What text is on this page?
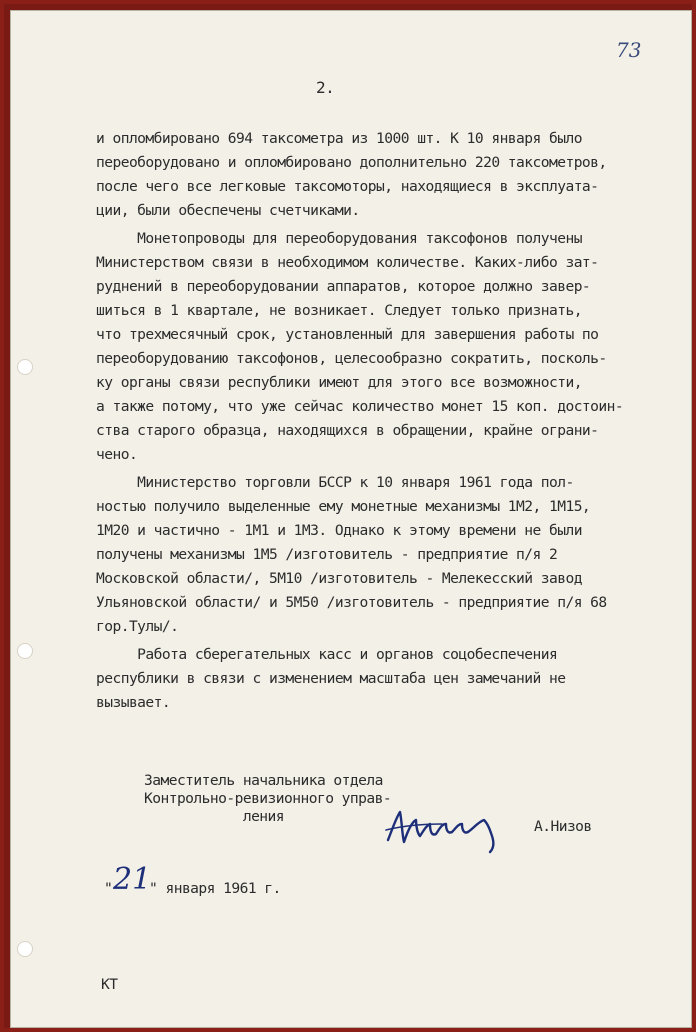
73

2.

и опломбировано 694 таксометра из 1000 шт. К 10 января было

переоборудовано и опломбировано дополнительно 220 таксометров,

после чего все легковые таксомоторы, находящиеся в эксплуата-

ции, были обеспечены счетчиками.

Монетопроводы для переоборудования таксофонов получены

Министерством связи в необходимом количестве. Каких-либо зат-

руднений в переоборудовании аппаратов, которое должно завер-

шиться в 1 квартале, не возникает. Следует только признать,

что трехмесячный срок, установленный для завершения работы по

переоборудованию таксофонов, целесообразно сократить, посколь-

ку органы связи республики имеют для этого все возможности,

а также потому, что уже сейчас количество монет 15 коп. достоин-

ства старого образца, находящихся в обращении, крайне ограни-

чено.

Министерство торговли БССР к 10 января 1961 года пол-

ностью получило выделенные ему монетные механизмы 1М2, 1М15,

1М20 и частично - 1М1 и 1М3. Однако к этому времени не были

получены механизмы 1М5 /изготовитель - предприятие п/я 2

Московской области/, 5М10 /изготовитель - Мелекесский завод

Ульяновской области/ и 5М50 /изготовитель - предприятие п/я 68

гор.Тулы/.

Работа сберегательных касс и органов соцобеспечения

республики в связи с изменением масштаба цен замечаний не

вызывает.

Заместитель начальника отдела

Контрольно-ревизионного управ-

ления

А.Низов

" 21

" января 1961 г.

КТ
